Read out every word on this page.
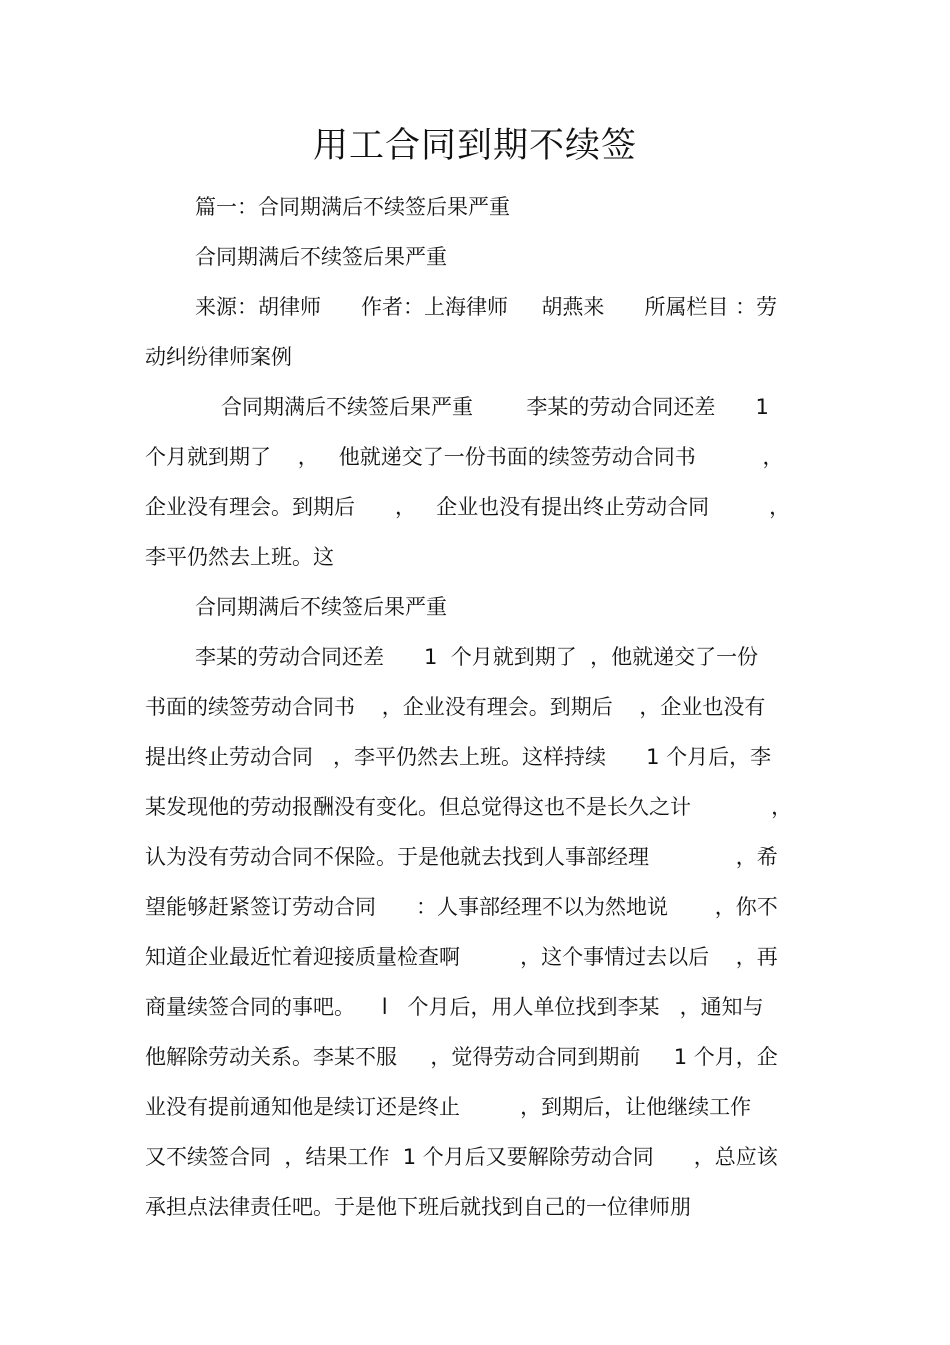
用工合同到期不续签
篇一：合同期满后不续签后果严重
合同期满后不续签后果严重
来源：胡律师      作者：上海律师     胡燕来      所属栏目 ：劳
动纠纷律师案例
合同期满后不续签后果严重        李某的劳动合同还差      1
个月就到期了    ，   他就递交了一份书面的续签劳动合同书          ，
企业没有理会。到期后      ，   企业也没有提出终止劳动合同         ，
李平仍然去上班。这
合同期满后不续签后果严重
李某的劳动合同还差      1  个月就到期了  ，他就递交了一份
书面的续签劳动合同书    ，企业没有理会。到期后    ，企业也没有
提出终止劳动合同   ，李平仍然去上班。这样持续      1 个月后，李
某发现他的劳动报酬没有变化。但总觉得这也不是长久之计            ，
认为没有劳动合同不保险。于是他就去找到人事部经理             ，希
望能够赶紧签订劳动合同      ：人事部经理不以为然地说       ，你不
知道企业最近忙着迎接质量检查啊         ，这个事情过去以后    ，再
商量续签合同的事吧。    l   个月后，用人单位找到李某   ，通知与
他解除劳动关系。李某不服     ，觉得劳动合同到期前     1 个月，企
业没有提前通知他是续订还是终止         ，到期后，让他继续工作
又不续签合同  ，结果工作  1 个月后又要解除劳动合同      ，总应该
承担点法律责任吧。于是他下班后就找到自己的一位律师朋
